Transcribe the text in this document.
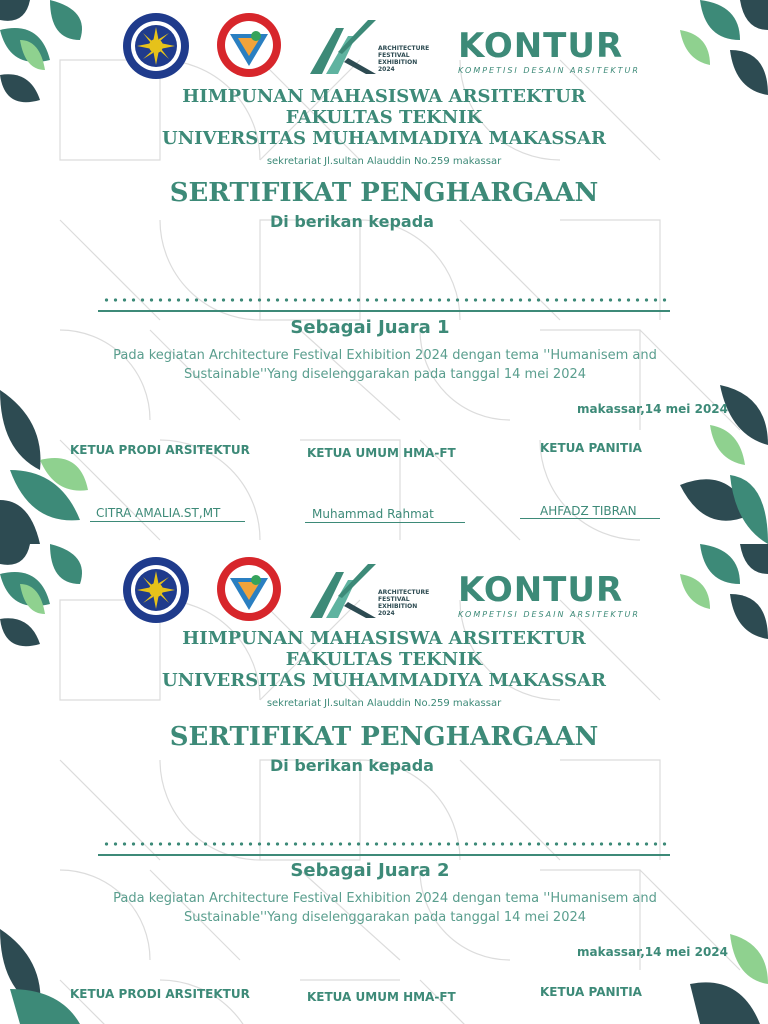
ARCHITECTURE
FESTIVAL
EXHIBITION
2024
KONTUR
KOMPETISI DESAIN ARSITEKTUR
HIMPUNAN MAHASISWA ARSITEKTUR
FAKULTAS TEKNIK
UNIVERSITAS MUHAMMADIYA MAKASSAR
sekretariat Jl.sultan Alauddin No.259 makassar
SERTIFIKAT PENGHARGAAN
Di berikan kepada
Sebagai Juara 1
Pada kegiatan Architecture Festival Exhibition 2024 dengan tema ''Humanisem and
Sustainable''Yang diselenggarakan pada tanggal 14 mei 2024
makassar,14 mei 2024
KETUA PRODI ARSITEKTUR	KETUA UMUM HMA-FT	KETUA PANITIA
CITRA AMALIA.ST,MT	Muhammad Rahmat	AHFADZ TIBRAN
ARCHITECTURE
FESTIVAL
EXHIBITION
2024
KONTUR
KOMPETISI DESAIN ARSITEKTUR
HIMPUNAN MAHASISWA ARSITEKTUR
FAKULTAS TEKNIK
UNIVERSITAS MUHAMMADIYA MAKASSAR
sekretariat Jl.sultan Alauddin No.259 makassar
SERTIFIKAT PENGHARGAAN
Di berikan kepada
Sebagai Juara 2
Pada kegiatan Architecture Festival Exhibition 2024 dengan tema ''Humanisem and
Sustainable''Yang diselenggarakan pada tanggal 14 mei 2024
makassar,14 mei 2024
KETUA PRODI ARSITEKTUR	KETUA UMUM HMA-FT	KETUA PANITIA
